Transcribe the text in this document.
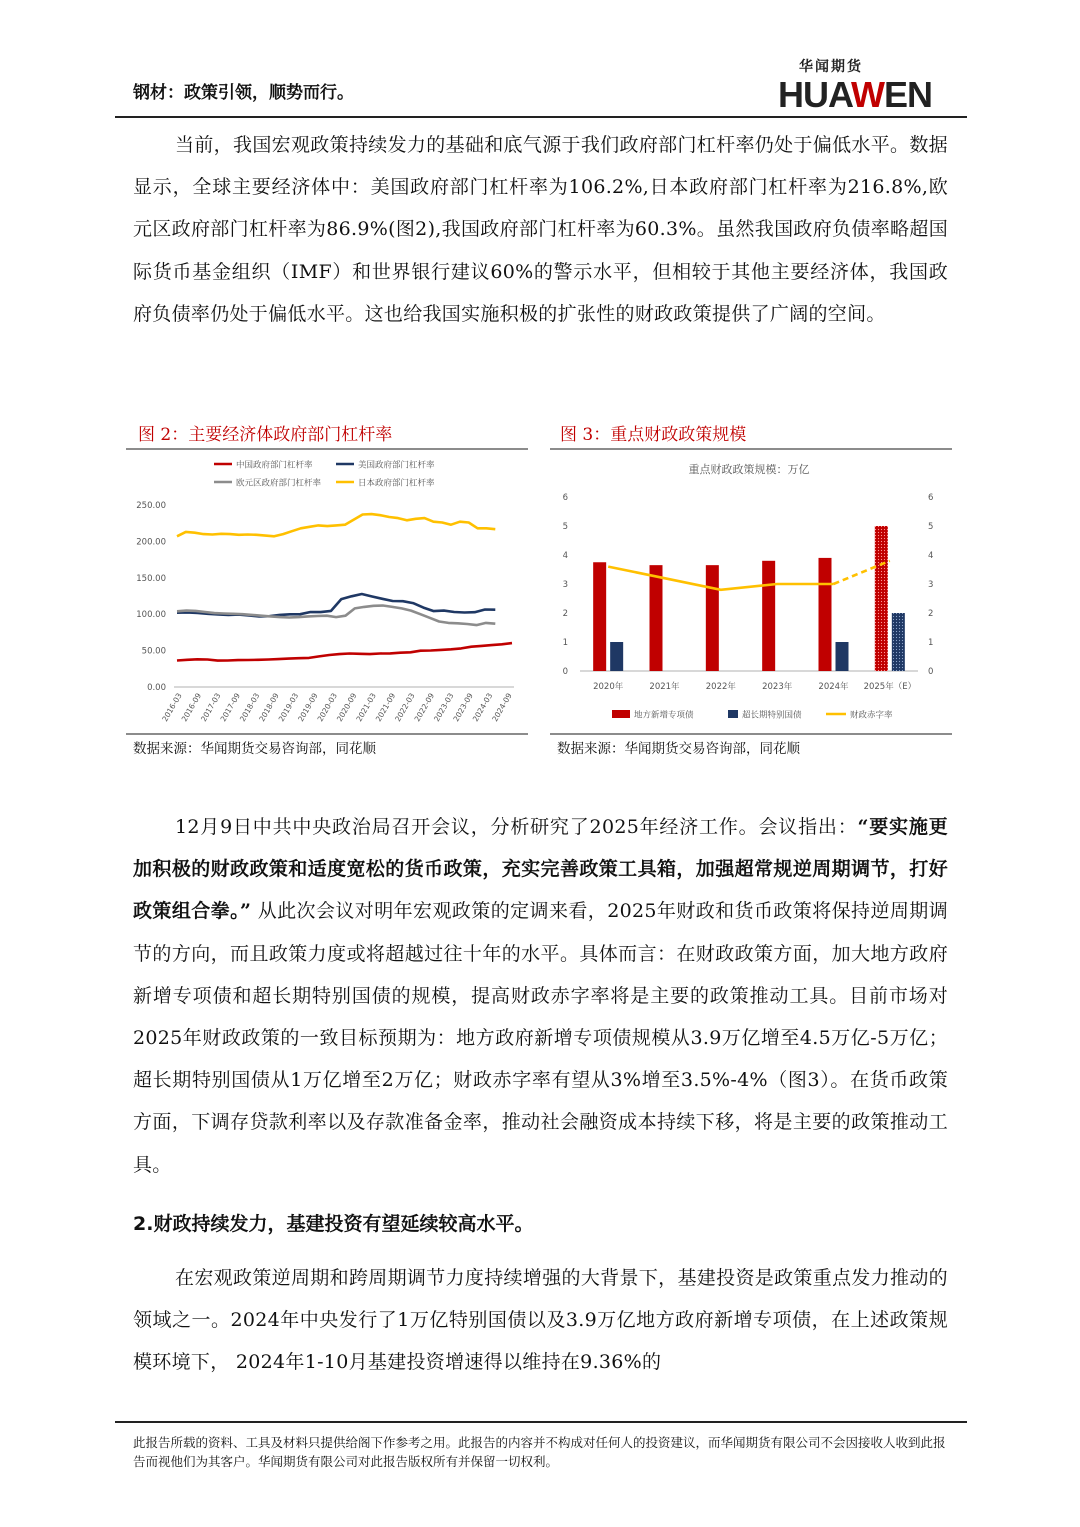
钢材：政策引领，顺势而行。
华闻期货
HUAWEN
当前，我国宏观政策持续发力的基础和底气源于我们政府部门杠杆率仍处于偏低水平。数据显示，全球主要经济体中：美国政府部门杠杆率为106.2%,日本政府部门杠杆率为216.8%,欧元区政府部门杠杆率为86.9%(图2),我国政府部门杠杆率为60.3%。虽然我国政府负债率略超国际货币基金组织（IMF）和世界银行建议60%的警示水平，但相较于其他主要经济体，我国政府负债率仍处于偏低水平。这也给我国实施积极的扩张性的财政政策提供了广阔的空间。
图 2：主要经济体政府部门杠杆率
中国政府部门杠杆率	美国政府部门杠杆率
欧元区政府部门杠杆率	日本政府部门杠杆率
0.00
50.00
100.00
150.00
200.00
250.00
2016-03
2016-09
2017-03
2017-09
2018-03
2018-09
2019-03
2019-09
2020-03
2020-09
2021-03
2021-09
2022-03
2022-09
2023-03
2023-09
2024-03
2024-09
数据来源：华闻期货交易咨询部，同花顺
图 3：重点财政政策规模
重点财政政策规模：万亿
0	0
1	1
2	2
3	3
4	4
5	5
6	6
2020年	2021年	2022年	2023年	2024年 2025年（E）
地方新增专项债	超长期特别国债	财政赤字率
数据来源：华闻期货交易咨询部，同花顺
12月9日中共中央政治局召开会议，分析研究了2025年经济工作。会议指出：“要实施更加积极的财政政策和适度宽松的货币政策，充实完善政策工具箱，加强超常规逆周期调节，打好政策组合拳。” 从此次会议对明年宏观政策的定调来看，2025年财政和货币政策将保持逆周期调节的方向，而且政策力度或将超越过往十年的水平。具体而言：在财政政策方面，加大地方政府新增专项债和超长期特别国债的规模，提高财政赤字率将是主要的政策推动工具。目前市场对2025年财政政策的一致目标预期为：地方政府新增专项债规模从3.9万亿增至4.5万亿-5万亿；超长期特别国债从1万亿增至2万亿；财政赤字率有望从3%增至3.5%-4%（图3）。在货币政策方面，下调存贷款利率以及存款准备金率，推动社会融资成本持续下移，将是主要的政策推动工具。
2.财政持续发力，基建投资有望延续较高水平。
在宏观政策逆周期和跨周期调节力度持续增强的大背景下，基建投资是政策重点发力推动的领域之一。2024年中央发行了1万亿特别国债以及3.9万亿地方政府新增专项债，在上述政策规模环境下， 2024年1-10月基建投资增速得以维持在9.36%的
此报告所载的资料、工具及材料只提供给阁下作参考之用。此报告的内容并不构成对任何人的投资建议，而华闻期货有限公司不会因接收人收到此报告而视他们为其客户。华闻期货有限公司对此报告版权所有并保留一切权利。
